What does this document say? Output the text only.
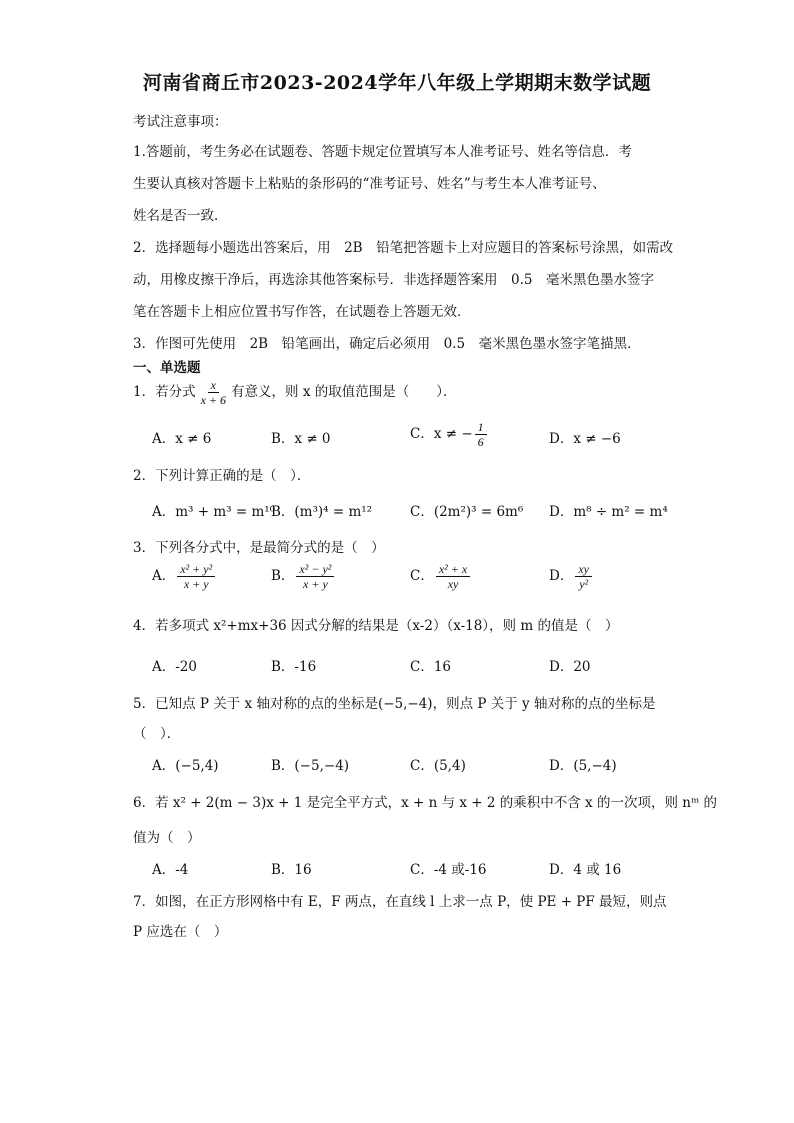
河南省商丘市2023-2024学年八年级上学期期末数学试题
考试注意事项：
1.答题前，考生务必在试题卷、答题卡规定位置填写本人准考证号、姓名等信息．考
生要认真核对答题卡上粘贴的条形码的“准考证号、姓名”与考生本人准考证号、
姓名是否一致．
2．选择题每小题选出答案后，用　2B　铅笔把答题卡上对应题目的答案标号涂黑，如需改
动，用橡皮擦干净后，再选涂其他答案标号．非选择题答案用　0.5　毫米黑色墨水签字
笔在答题卡上相应位置书写作答，在试题卷上答题无效．
3．作图可先使用　2B　铅笔画出，确定后必须用　0.5　毫米黑色墨水签字笔描黑．
一、单选题
1．若分式 $\frac{x}{x + 6}$ 有意义，则 x 的取值范围是（　　）．
A．x ≠ 6	B．x ≠ 0	C．x ≠ − $\frac{1}{6}$	D．x ≠ −6
2．下列计算正确的是（　）．
A．m³ + m³ = m¹⁰
B．(m³)⁴ = m¹²	C．(2m²)³ = 6m⁶ D．m⁸ ÷ m² = m⁴
3．下列各分式中，是最简分式的是（　）
A． $\frac{\text{x² + y²}}{x + y}$	B． $\frac{\text{x² − y²}}{x + y}$	C． $\frac{\text{x² + x}}{xy}$	D． $\frac{xy}{\text{y²}}$
4．若多项式 x²+mx+36 因式分解的结果是（x-2）（x-18），则 m 的值是（　）
A．-20	B．-16	C．16	D．20
5．已知点 P 关于 x 轴对称的点的坐标是(−5,−4)，则点 P 关于 y 轴对称的点的坐标是
（　）．
A．(−5,4)	B．(−5,−4)	C．(5,4)	D．(5,−4)
6．若 x² + 2(m − 3)x + 1 是完全平方式，x + n 与 x + 2 的乘积中不含 x 的一次项，则 nᵐ 的
值为（　）
A．-4	B．16	C．-4 或-16	D．4 或 16
7．如图，在正方形网格中有 E，F 两点，在直线 l 上求一点 P，使 PE + PF 最短，则点
P 应选在（　）
